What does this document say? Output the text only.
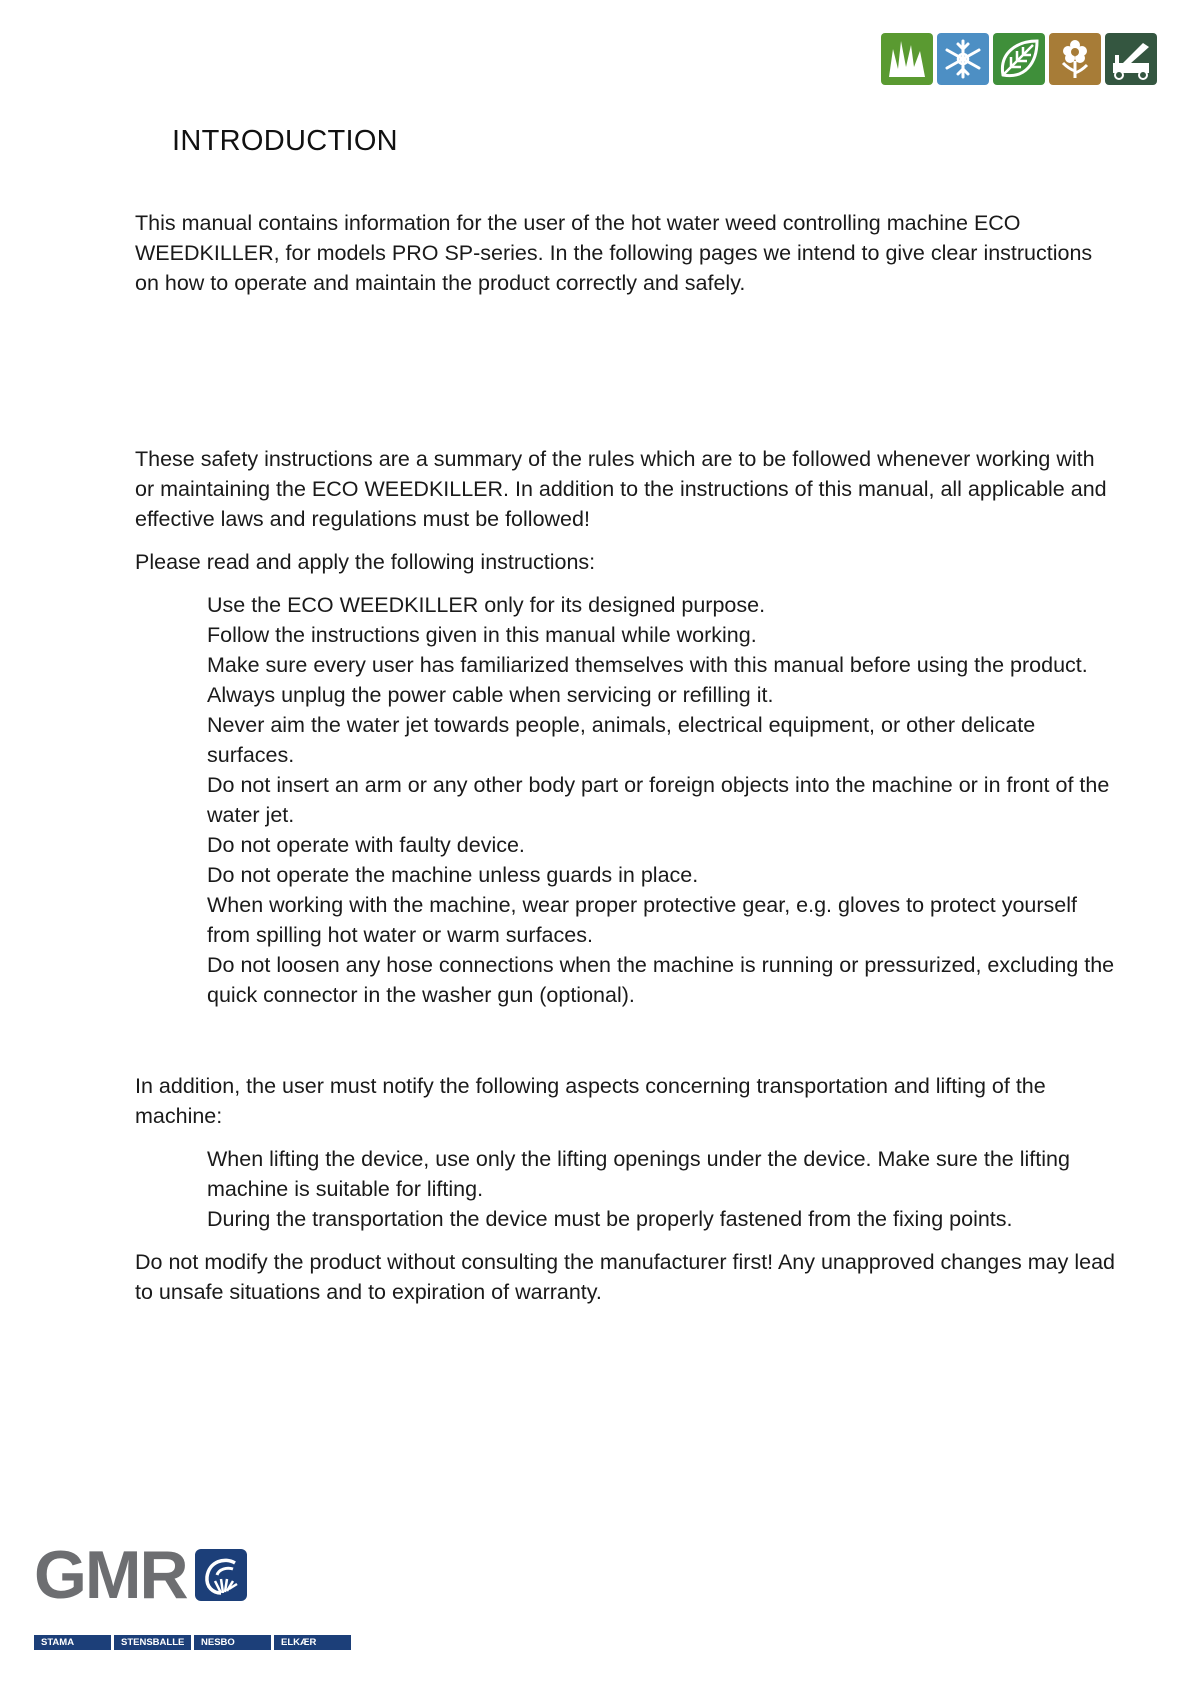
INTRODUCTION

This manual contains information for the user of the hot water weed controlling machine ECO WEEDKILLER, for models PRO SP-series. In the following pages we intend to give clear instructions on how to operate and maintain the product correctly and safely.

These safety instructions are a summary of the rules which are to be followed whenever working with or maintaining the ECO WEEDKILLER. In addition to the instructions of this manual, all applicable and effective laws and regulations must be followed!

Please read and apply the following instructions:

Use the ECO WEEDKILLER only for its designed purpose.
Follow the instructions given in this manual while working.
Make sure every user has familiarized themselves with this manual before using the product.
Always unplug the power cable when servicing or refilling it.
Never aim the water jet towards people, animals, electrical equipment, or other delicate surfaces.
Do not insert an arm or any other body part or foreign objects into the machine or in front of the water jet.
Do not operate with faulty device.
Do not operate the machine unless guards in place.
When working with the machine, wear proper protective gear, e.g. gloves to protect yourself from spilling hot water or warm surfaces.
Do not loosen any hose connections when the machine is running or pressurized, excluding the quick connector in the washer gun (optional).

In addition, the user must notify the following aspects concerning transportation and lifting of the machine:

When lifting the device, use only the lifting openings under the device. Make sure the lifting machine is suitable for lifting.
During the transportation the device must be properly fastened from the fixing points.

Do not modify the product without consulting the manufacturer first! Any unapproved changes may lead to unsafe situations and to expiration of warranty.

GMR
STAMA	STENSBALLE	NESBO	ELKÆR
